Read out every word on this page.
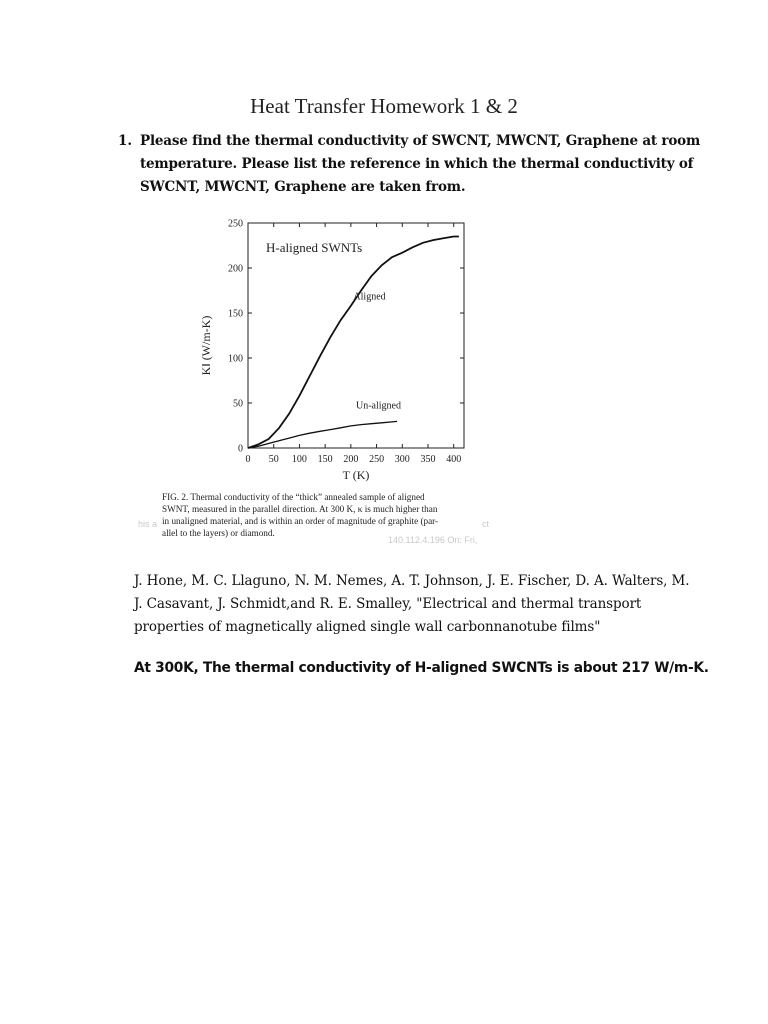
Heat Transfer Homework 1 & 2
1. Please find the thermal conductivity of SWCNT, MWCNT, Graphene at room
temperature. Please list the reference in which the thermal conductivity of
SWCNT, MWCNT, Graphene are taken from.
0 50 100 150 200 250 300 350 400
0
50
100
150
200
250
Aligned
Un-aligned
H-aligned SWNTs
T (K)
K‖ (W/m-K)
his a	ct
140.112.4.196 On: Fri,
FIG. 2. Thermal conductivity of the “thick” annealed sample of aligned
SWNT, measured in the parallel direction. At 300 K, κ is much higher than
in unaligned material, and is within an order of magnitude of graphite (par-
allel to the layers) or diamond.
J. Hone, M. C. Llaguno, N. M. Nemes, A. T. Johnson, J. E. Fischer, D. A. Walters, M.
J. Casavant, J. Schmidt,and R. E. Smalley, "Electrical and thermal transport
properties of magnetically aligned single wall carbonnanotube films"
At 300K, The thermal conductivity of H-aligned SWCNTs is about 217 W/m-K.
